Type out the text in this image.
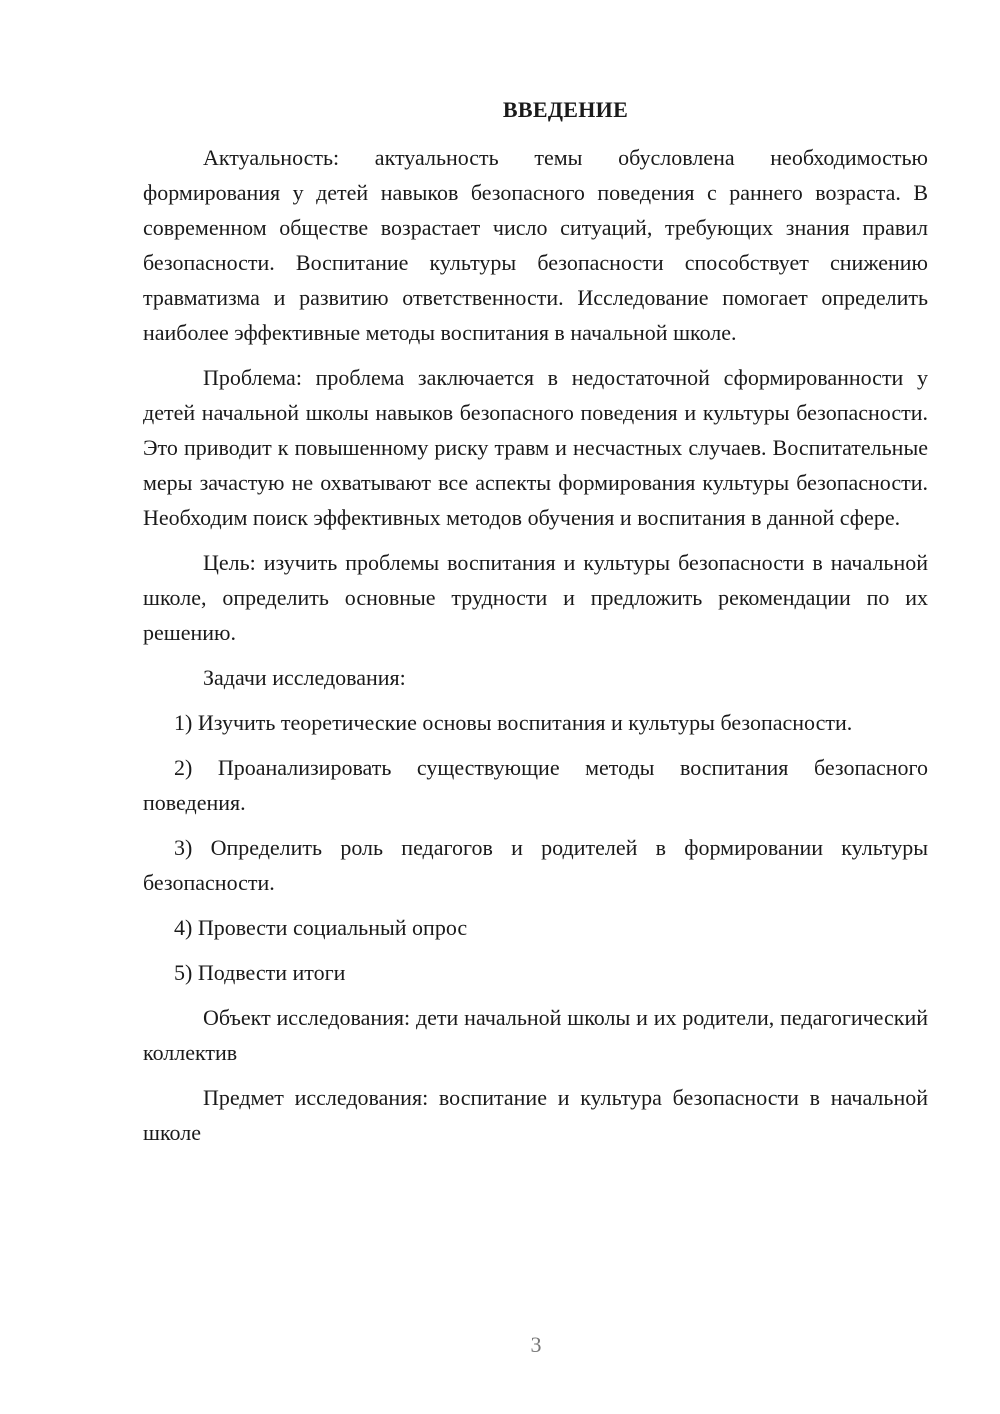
ВВЕДЕНИЕ

Актуальность: актуальность темы обусловлена необходимостью формирования у детей навыков безопасного поведения с раннего возраста. В современном обществе возрастает число ситуаций, требующих знания правил безопасности. Воспитание культуры безопасности способствует снижению травматизма и развитию ответственности. Исследование помогает определить наиболее эффективные методы воспитания в начальной школе.

Проблема: проблема заключается в недостаточной сформированности у детей начальной школы навыков безопасного поведения и культуры безопасности. Это приводит к повышенному риску травм и несчастных случаев. Воспитательные меры зачастую не охватывают все аспекты формирования культуры безопасности. Необходим поиск эффективных методов обучения и воспитания в данной сфере.

Цель: изучить проблемы воспитания и культуры безопасности в начальной школе, определить основные трудности и предложить рекомендации по их решению.

Задачи исследования:

1) Изучить теоретические основы воспитания и культуры безопасности.

2) Проанализировать существующие методы воспитания безопасного поведения.

3) Определить роль педагогов и родителей в формировании культуры безопасности.

4) Провести социальный опрос

5) Подвести итоги

Объект исследования: дети начальной школы и их родители, педагогический коллектив

Предмет исследования: воспитание и культура безопасности в начальной школе

3
